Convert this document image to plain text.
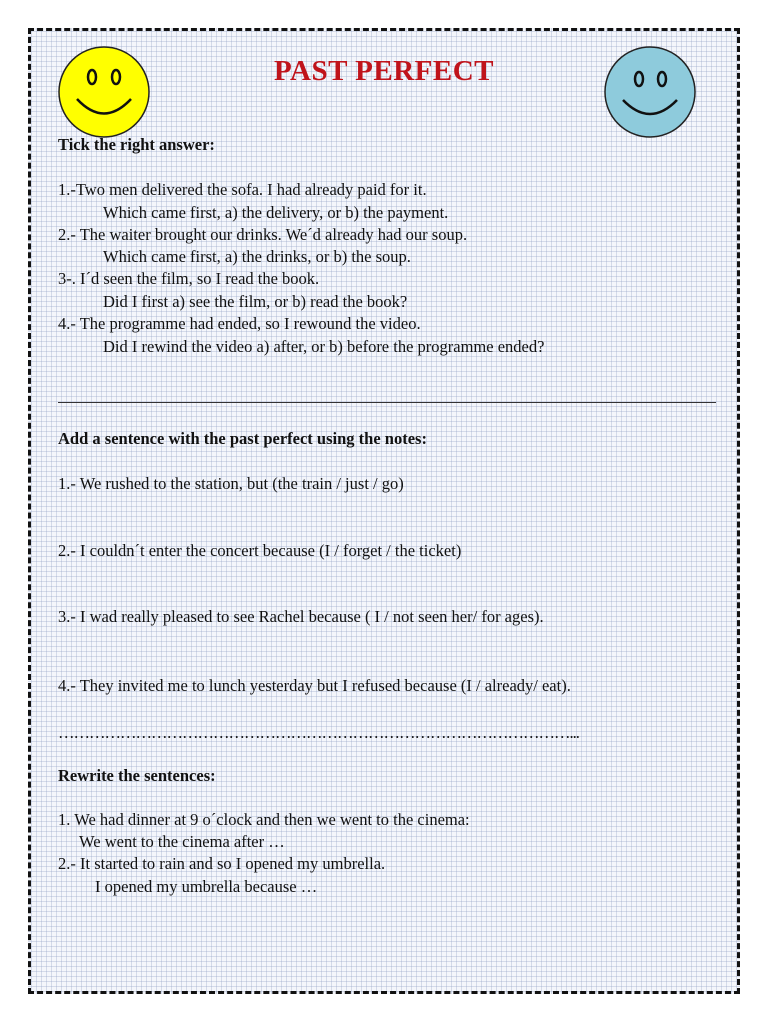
PAST PERFECT
Tick the right answer:
1.-Two men delivered the sofa. I had already paid for it.
Which came first, a) the delivery, or b) the payment.
2.- The waiter brought our drinks. We´d already had our soup.
Which came first, a) the drinks, or b) the soup.
3-. I´d seen the film, so I read the book.
Did I first a) see the film, or b) read the book?
4.- The programme had ended, so I rewound the video.
Did I rewind the video a) after, or b) before the programme ended?
Add a sentence with the past perfect using the notes:
1.- We rushed to the station, but (the train / just / go)
2.- I couldn´t enter the concert because (I / forget / the ticket)
3.- I wad really pleased to see Rachel because ( I / not seen her/ for ages).
4.- They invited me to lunch yesterday but I refused because (I / already/ eat).
………………………………………………………………………………………...
Rewrite the sentences:
1. We had dinner at 9 o´clock and then we went to the cinema:
We went to the cinema after …
2.- It started to rain and so I opened my umbrella.
I opened my umbrella because …
